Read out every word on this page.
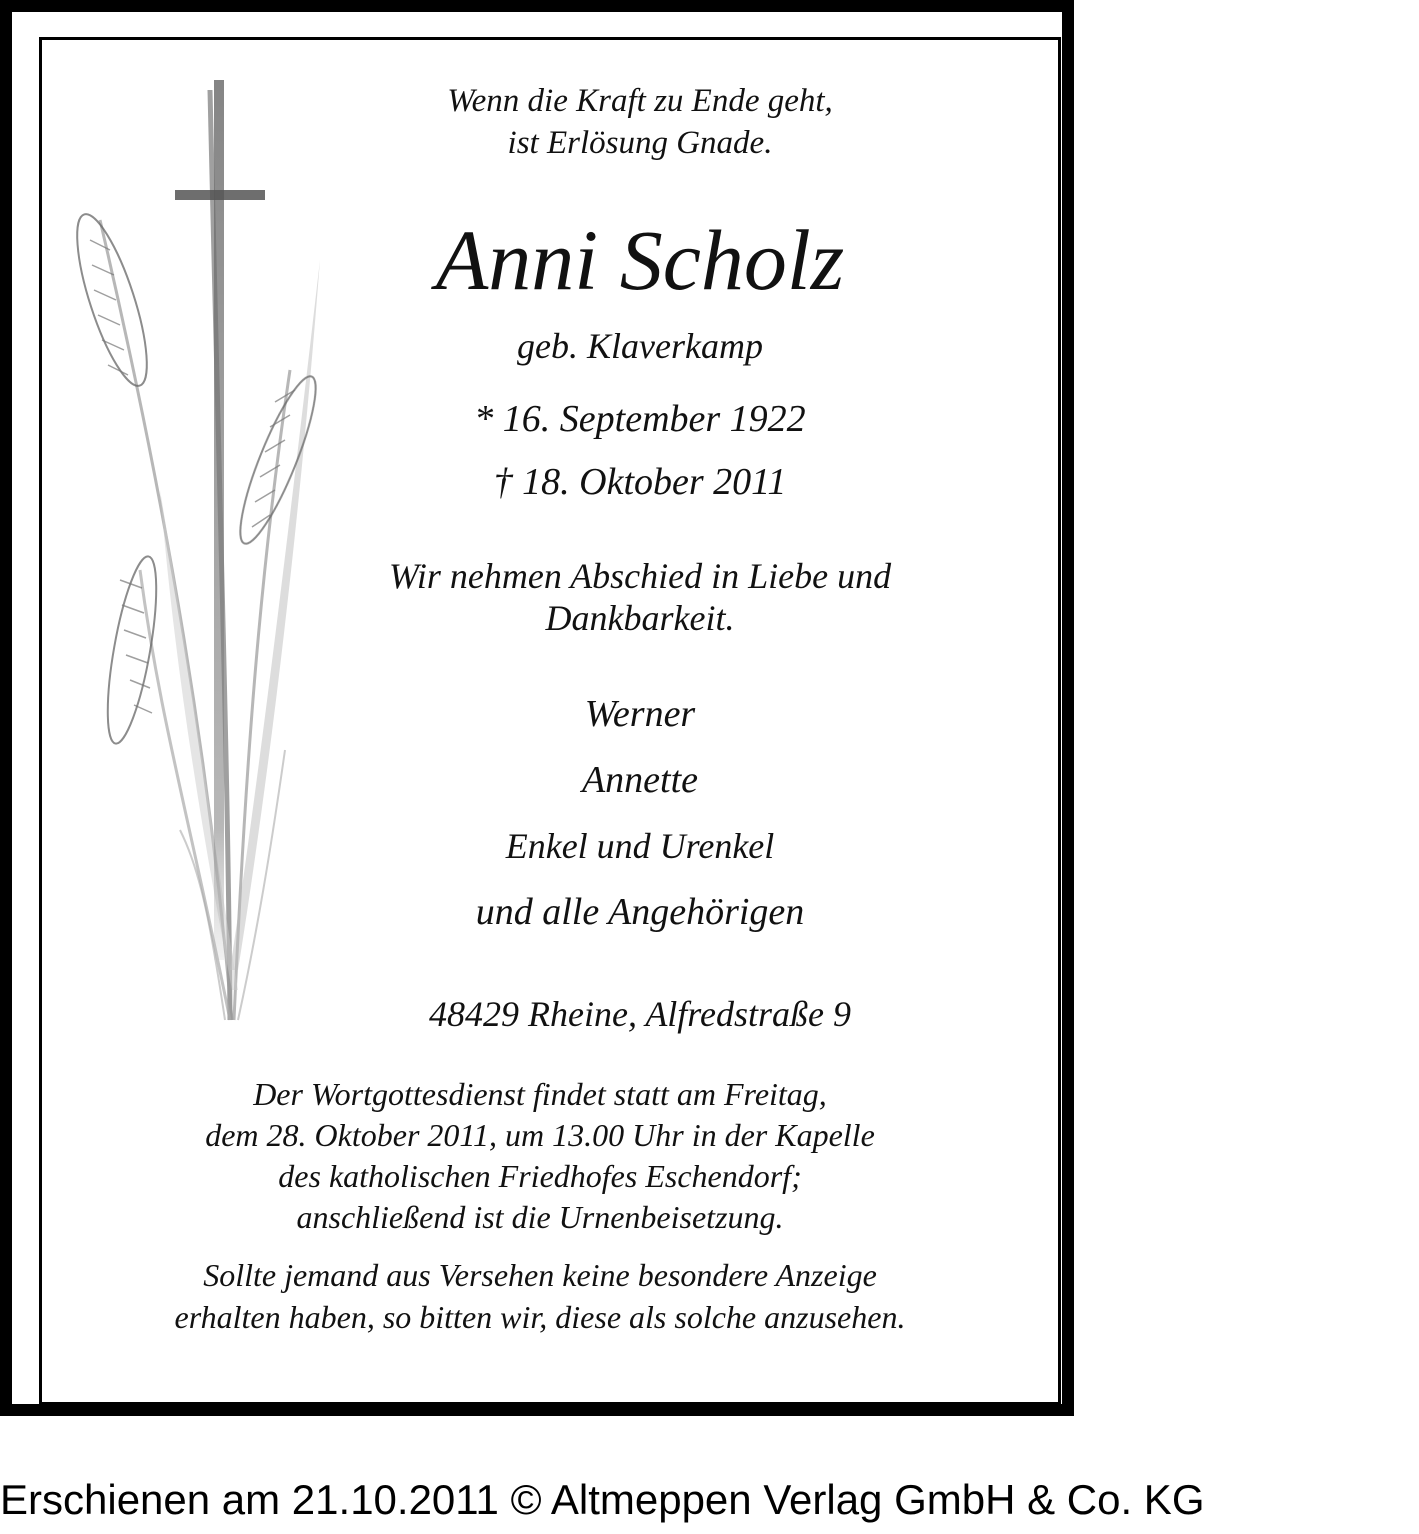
Wenn die Kraft zu Ende geht,
ist Erlösung Gnade.
Anni Scholz
geb. Klaverkamp
* 16. September 1922
† 18. Oktober 2011
Wir nehmen Abschied in Liebe und
Dankbarkeit.
Werner
Annette
Enkel und Urenkel
und alle Angehörigen
48429 Rheine, Alfredstraße 9
Der Wortgottesdienst findet statt am Freitag,
dem 28. Oktober 2011, um 13.00 Uhr in der Kapelle
des katholischen Friedhofes Eschendorf;
anschließend ist die Urnenbeisetzung.
Sollte jemand aus Versehen keine besondere Anzeige
erhalten haben, so bitten wir, diese als solche anzusehen.
Erschienen am 21.10.2011 © Altmeppen Verlag GmbH & Co. KG
